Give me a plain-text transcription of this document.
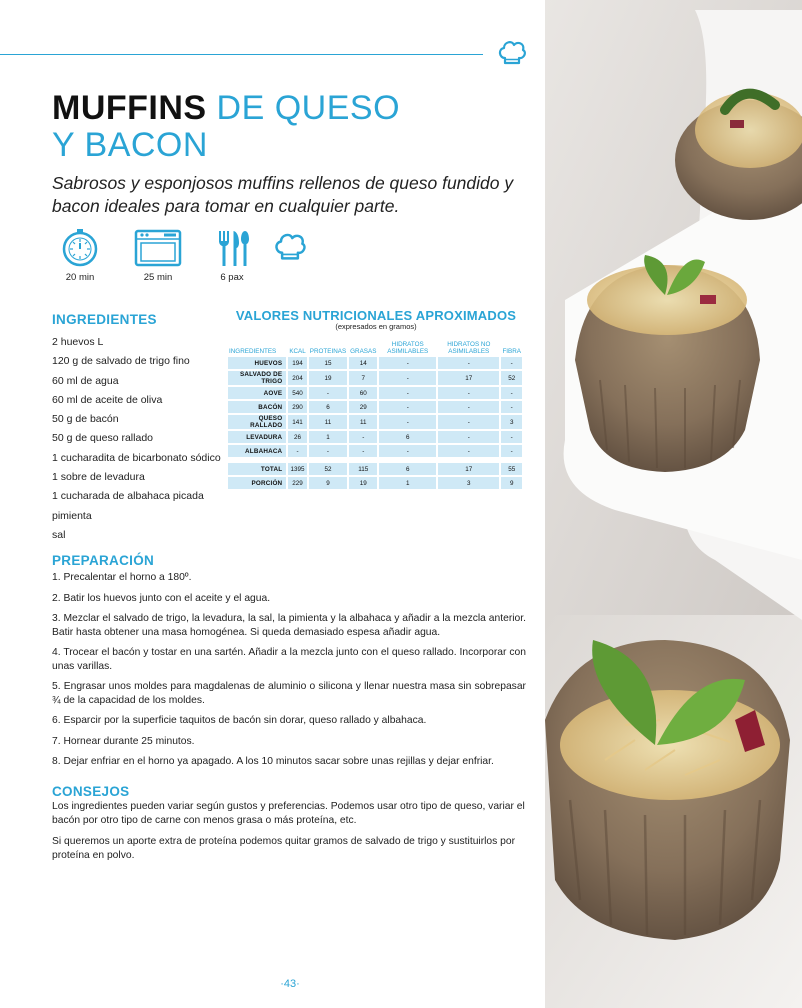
MUFFINS DE QUESO
Y BACON

Sabrosos y esponjosos muffins rellenos de queso fundido y bacon ideales para tomar en cualquier parte.

20 min	25 min	6 pax
INGREDIENTES
2 huevos L
120 g de salvado de trigo fino
60 ml de agua
60 ml de aceite de oliva
50 g de bacón
50 g de queso rallado
1 cucharadita de bicarbonato sódico
1 sobre de levadura
1 cucharada de albahaca picada
pimienta
sal
VALORES NUTRICIONALES APROXIMADOS
(expresados en gramos)
INGREDIENTES	KCAL	PROTEINAS	GRASAS	HIDRATOS ASIMILABLES	HIDRATOS NO ASIMILABLES	FIBRA
HUEVOS	194	15	14	-	-	-
SALVADO DE TRIGO	204	19	7	-	17	52
AOVE	540	-	60	-	-	-
BACÓN	290	6	29	-	-	-
QUESO RALLADO	141	11	11	-	-	3
LEVADURA	26	1	-	6	-	-
ALBAHACA	-	-	-	-	-	-

TOTAL	1395	52	115	6	17	55
PORCIÓN	229	9	19	1	3	9
PREPARACIÓN
1. Precalentar el horno a 180º.
2. Batir los huevos junto con el aceite y el agua.
3. Mezclar el salvado de trigo, la levadura, la sal, la pimienta y la albahaca y añadir a la mezcla anterior. Batir hasta obtener una masa homogénea. Si queda demasiado espesa añadir agua.
4. Trocear el bacón y tostar en una sartén. Añadir a la mezcla junto con el queso rallado. Incorporar con unas varillas.
5. Engrasar unos moldes para magdalenas de aluminio o silicona y llenar nuestra masa sin sobrepasar ¾ de la capacidad de los moldes.
6. Esparcir por la superficie taquitos de bacón sin dorar, queso rallado y albahaca.
7. Hornear durante 25 minutos.
8. Dejar enfriar en el horno ya apagado. A los 10 minutos sacar sobre unas rejillas y dejar enfriar.
CONSEJOS

Los ingredientes pueden variar según gustos y preferencias. Podemos usar otro tipo de queso, variar el bacón por otro tipo de carne con menos grasa o más proteína, etc.

Si queremos un aporte extra de proteína podemos quitar gramos de salvado de trigo y sustituirlos por proteína en polvo.

·43·
